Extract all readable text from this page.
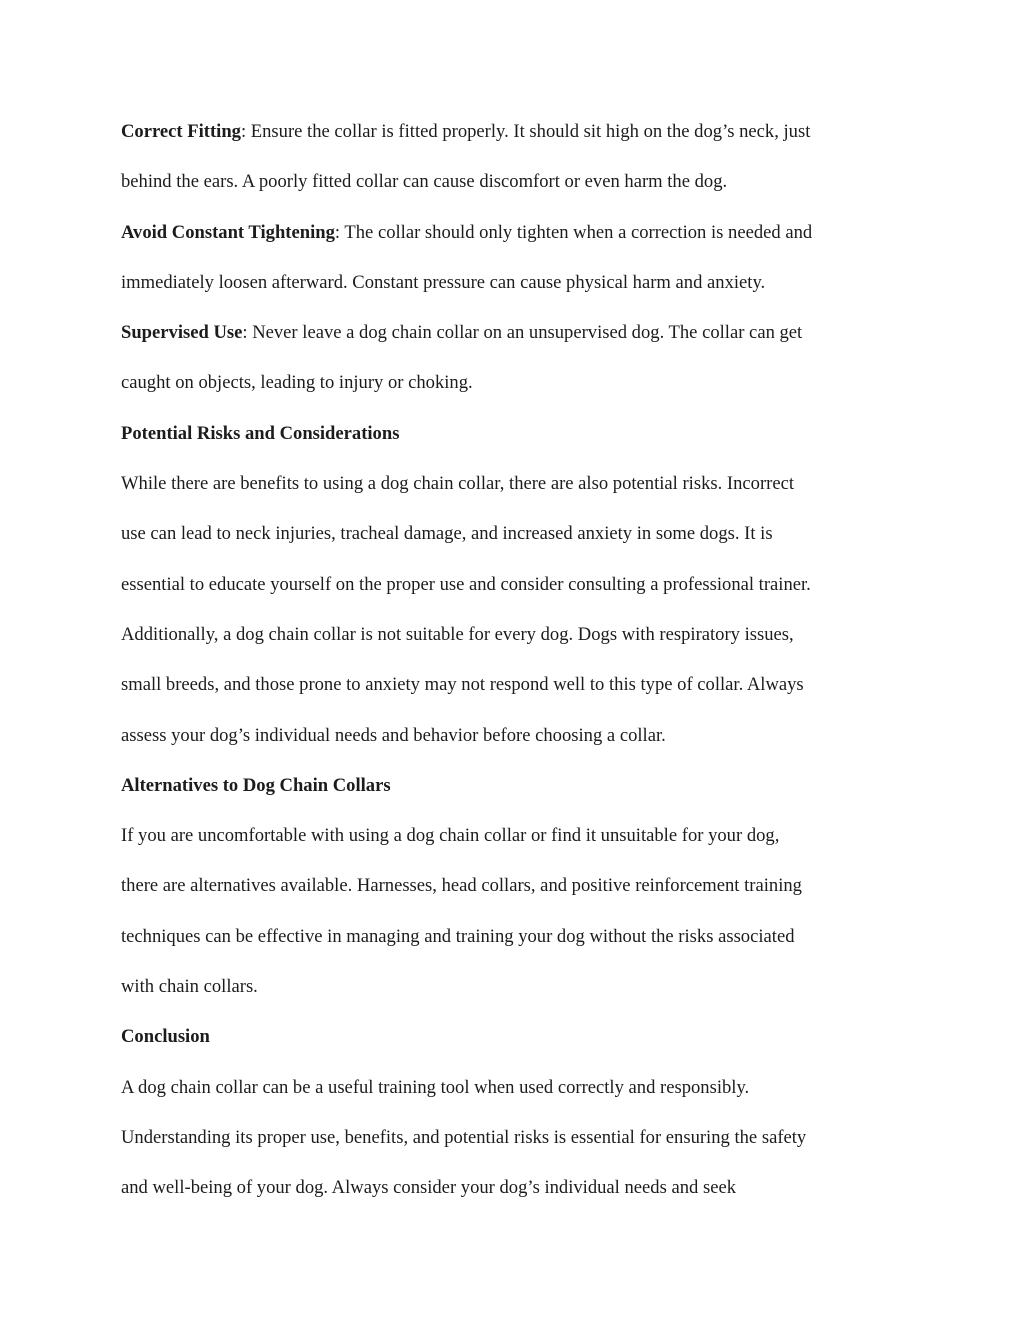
Correct Fitting: Ensure the collar is fitted properly. It should sit high on the dog’s neck, just

behind the ears. A poorly fitted collar can cause discomfort or even harm the dog.

Avoid Constant Tightening: The collar should only tighten when a correction is needed and

immediately loosen afterward. Constant pressure can cause physical harm and anxiety.

Supervised Use: Never leave a dog chain collar on an unsupervised dog. The collar can get

caught on objects, leading to injury or choking.

Potential Risks and Considerations

While there are benefits to using a dog chain collar, there are also potential risks. Incorrect

use can lead to neck injuries, tracheal damage, and increased anxiety in some dogs. It is

essential to educate yourself on the proper use and consider consulting a professional trainer.

Additionally, a dog chain collar is not suitable for every dog. Dogs with respiratory issues,

small breeds, and those prone to anxiety may not respond well to this type of collar. Always

assess your dog’s individual needs and behavior before choosing a collar.

Alternatives to Dog Chain Collars

If you are uncomfortable with using a dog chain collar or find it unsuitable for your dog,

there are alternatives available. Harnesses, head collars, and positive reinforcement training

techniques can be effective in managing and training your dog without the risks associated

with chain collars.

Conclusion

A dog chain collar can be a useful training tool when used correctly and responsibly.

Understanding its proper use, benefits, and potential risks is essential for ensuring the safety

and well-being of your dog. Always consider your dog’s individual needs and seek
